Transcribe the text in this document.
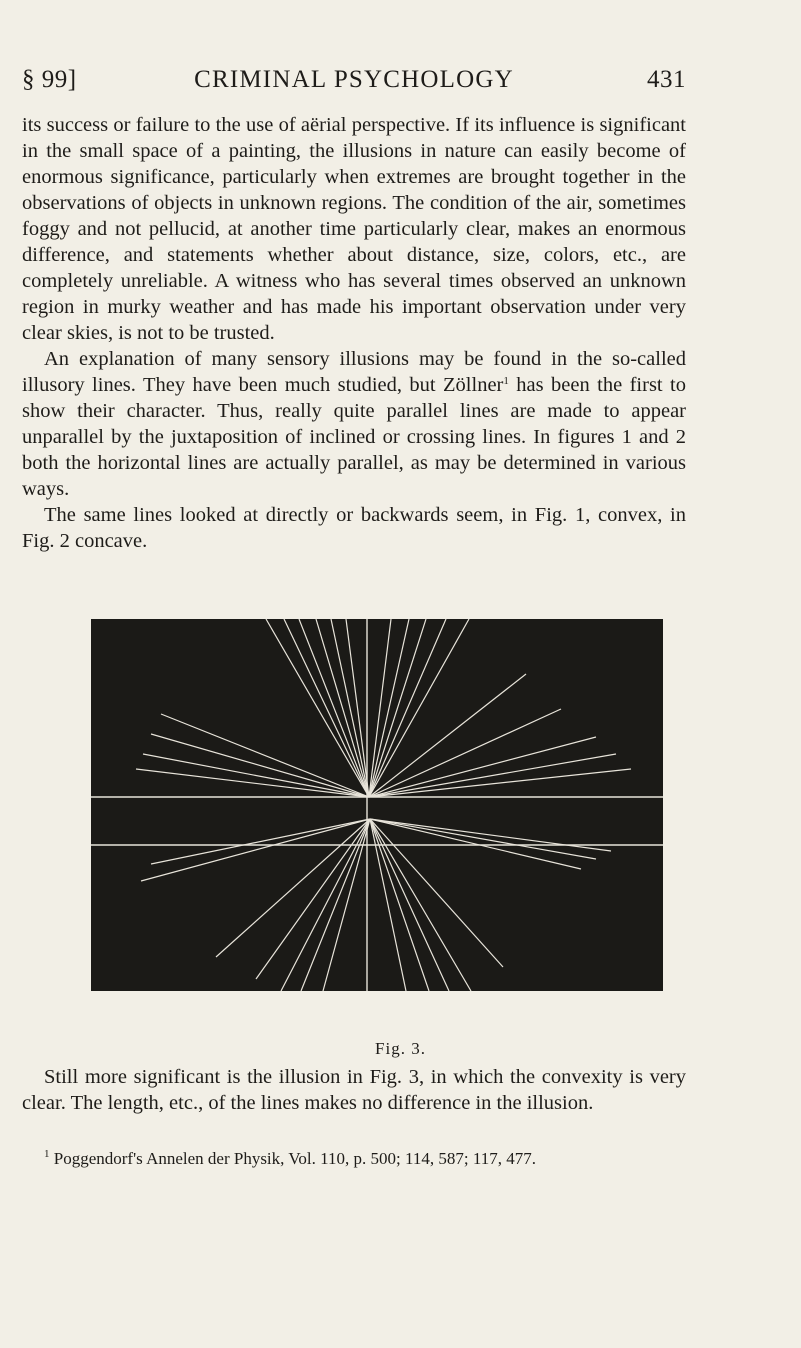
§ 99]	CRIMINAL PSYCHOLOGY	431

its success or failure to the use of aërial perspective. If its influence is significant in the small space of a painting, the illusions in nature can easily become of enormous significance, particularly when extremes are brought together in the observations of objects in unknown regions. The condition of the air, sometimes foggy and not pellucid, at another time particularly clear, makes an enormous difference, and statements whether about distance, size, colors, etc., are completely unreliable. A witness who has several times observed an unknown region in murky weather and has made his important observation under very clear skies, is not to be trusted.

An explanation of many sensory illusions may be found in the so-called illusory lines. They have been much studied, but Zöllner$^1$ has been the first to show their character. Thus, really quite parallel lines are made to appear unparallel by the juxtaposition of inclined or crossing lines. In figures 1 and 2 both the horizontal lines are actually parallel, as may be determined in various ways.

The same lines looked at directly or backwards seem, in Fig. 1, convex, in Fig. 2 concave.

Fig. 3.

Still more significant is the illusion in Fig. 3, in which the convexity is very clear. The length, etc., of the lines makes no difference in the illusion.

$^1$ Poggendorf's Annelen der Physik, Vol. 110, p. 500; 114, 587; 117, 477.
